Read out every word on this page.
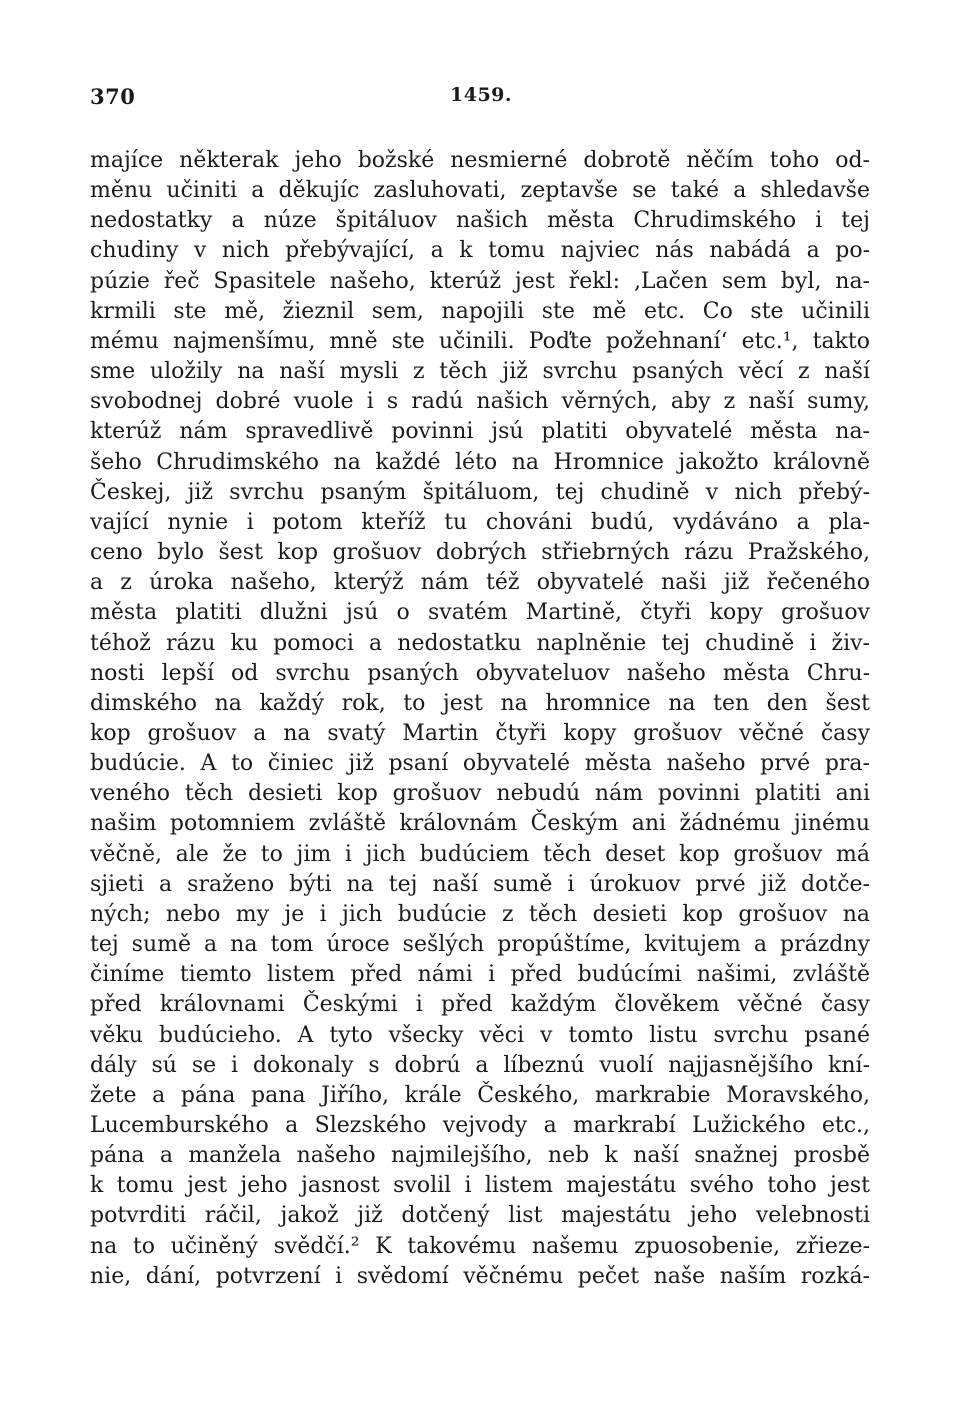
370	1459.
majíce některak jeho božské nesmierné dobrotě něčím toho od-
měnu učiniti a děkujíc zasluhovati, zeptavše se také a shledavše
nedostatky a núze špitáluov našich města Chrudimského i tej
chudiny v nich přebývající, a k tomu najviec nás nabádá a po-
púzie řeč Spasitele našeho, kterúž jest řekl: ‚Lačen sem byl, na-
krmili ste mě, žieznil sem, napojili ste mě etc. Co ste učinili
mému najmenšímu, mně ste učinili. Poďte požehnaní‘ etc.¹, takto
sme uložily na naší mysli z těch již svrchu psaných věcí z naší
svobodnej dobré vuole i s radú našich věrných, aby z naší sumy,
kterúž nám spravedlivě povinni jsú platiti obyvatelé města na-
šeho Chrudimského na každé léto na Hromnice jakožto královně
Českej, již svrchu psaným špitáluom, tej chudině v nich přebý-
vající nynie i potom kteříž tu chováni budú, vydáváno a pla-
ceno bylo šest kop grošuov dobrých střiebrných rázu Pražského,
a z úroka našeho, kterýž nám též obyvatelé naši již řečeného
města platiti dlužni jsú o svatém Martině, čtyři kopy grošuov
téhož rázu ku pomoci a nedostatku naplněnie tej chudině i živ-
nosti lepší od svrchu psaných obyvateluov našeho města Chru-
dimského na každý rok, to jest na hromnice na ten den šest
kop grošuov a na svatý Martin čtyři kopy grošuov věčné časy
budúcie. A to činiec již psaní obyvatelé města našeho prvé pra-
veného těch desieti kop grošuov nebudú nám povinni platiti ani
našim potomniem zvláště královnám Českým ani žádnému jinému
věčně, ale že to jim i jich budúciem těch deset kop grošuov má
sjieti a sraženo býti na tej naší sumě i úrokuov prvé již dotče-
ných; nebo my je i jich budúcie z těch desieti kop grošuov na
tej sumě a na tom úroce sešlých propúštíme, kvitujem a prázdny
činíme tiemto listem před námi i před budúcími našimi, zvláště
před královnami Českými i před každým člověkem věčné časy
věku budúcieho. A tyto všecky věci v tomto listu svrchu psané
dály sú se i dokonaly s dobrú a líbeznú vuolí najjasnějšího kní-
žete a pána pana Jiřího, krále Českého, markrabie Moravského,
Lucemburského a Slezského vejvody a markrabí Lužického etc.,
pána a manžela našeho najmilejšího, neb k naší snažnej prosbě
k tomu jest jeho jasnost svolil i listem majestátu svého toho jest
potvrditi ráčil, jakož již dotčený list majestátu jeho velebnosti
na to učiněný svědčí.² K takovému našemu zpuosobenie, zřieze-
nie, dání, potvrzení i svědomí věčnému pečet naše naším rozká-
